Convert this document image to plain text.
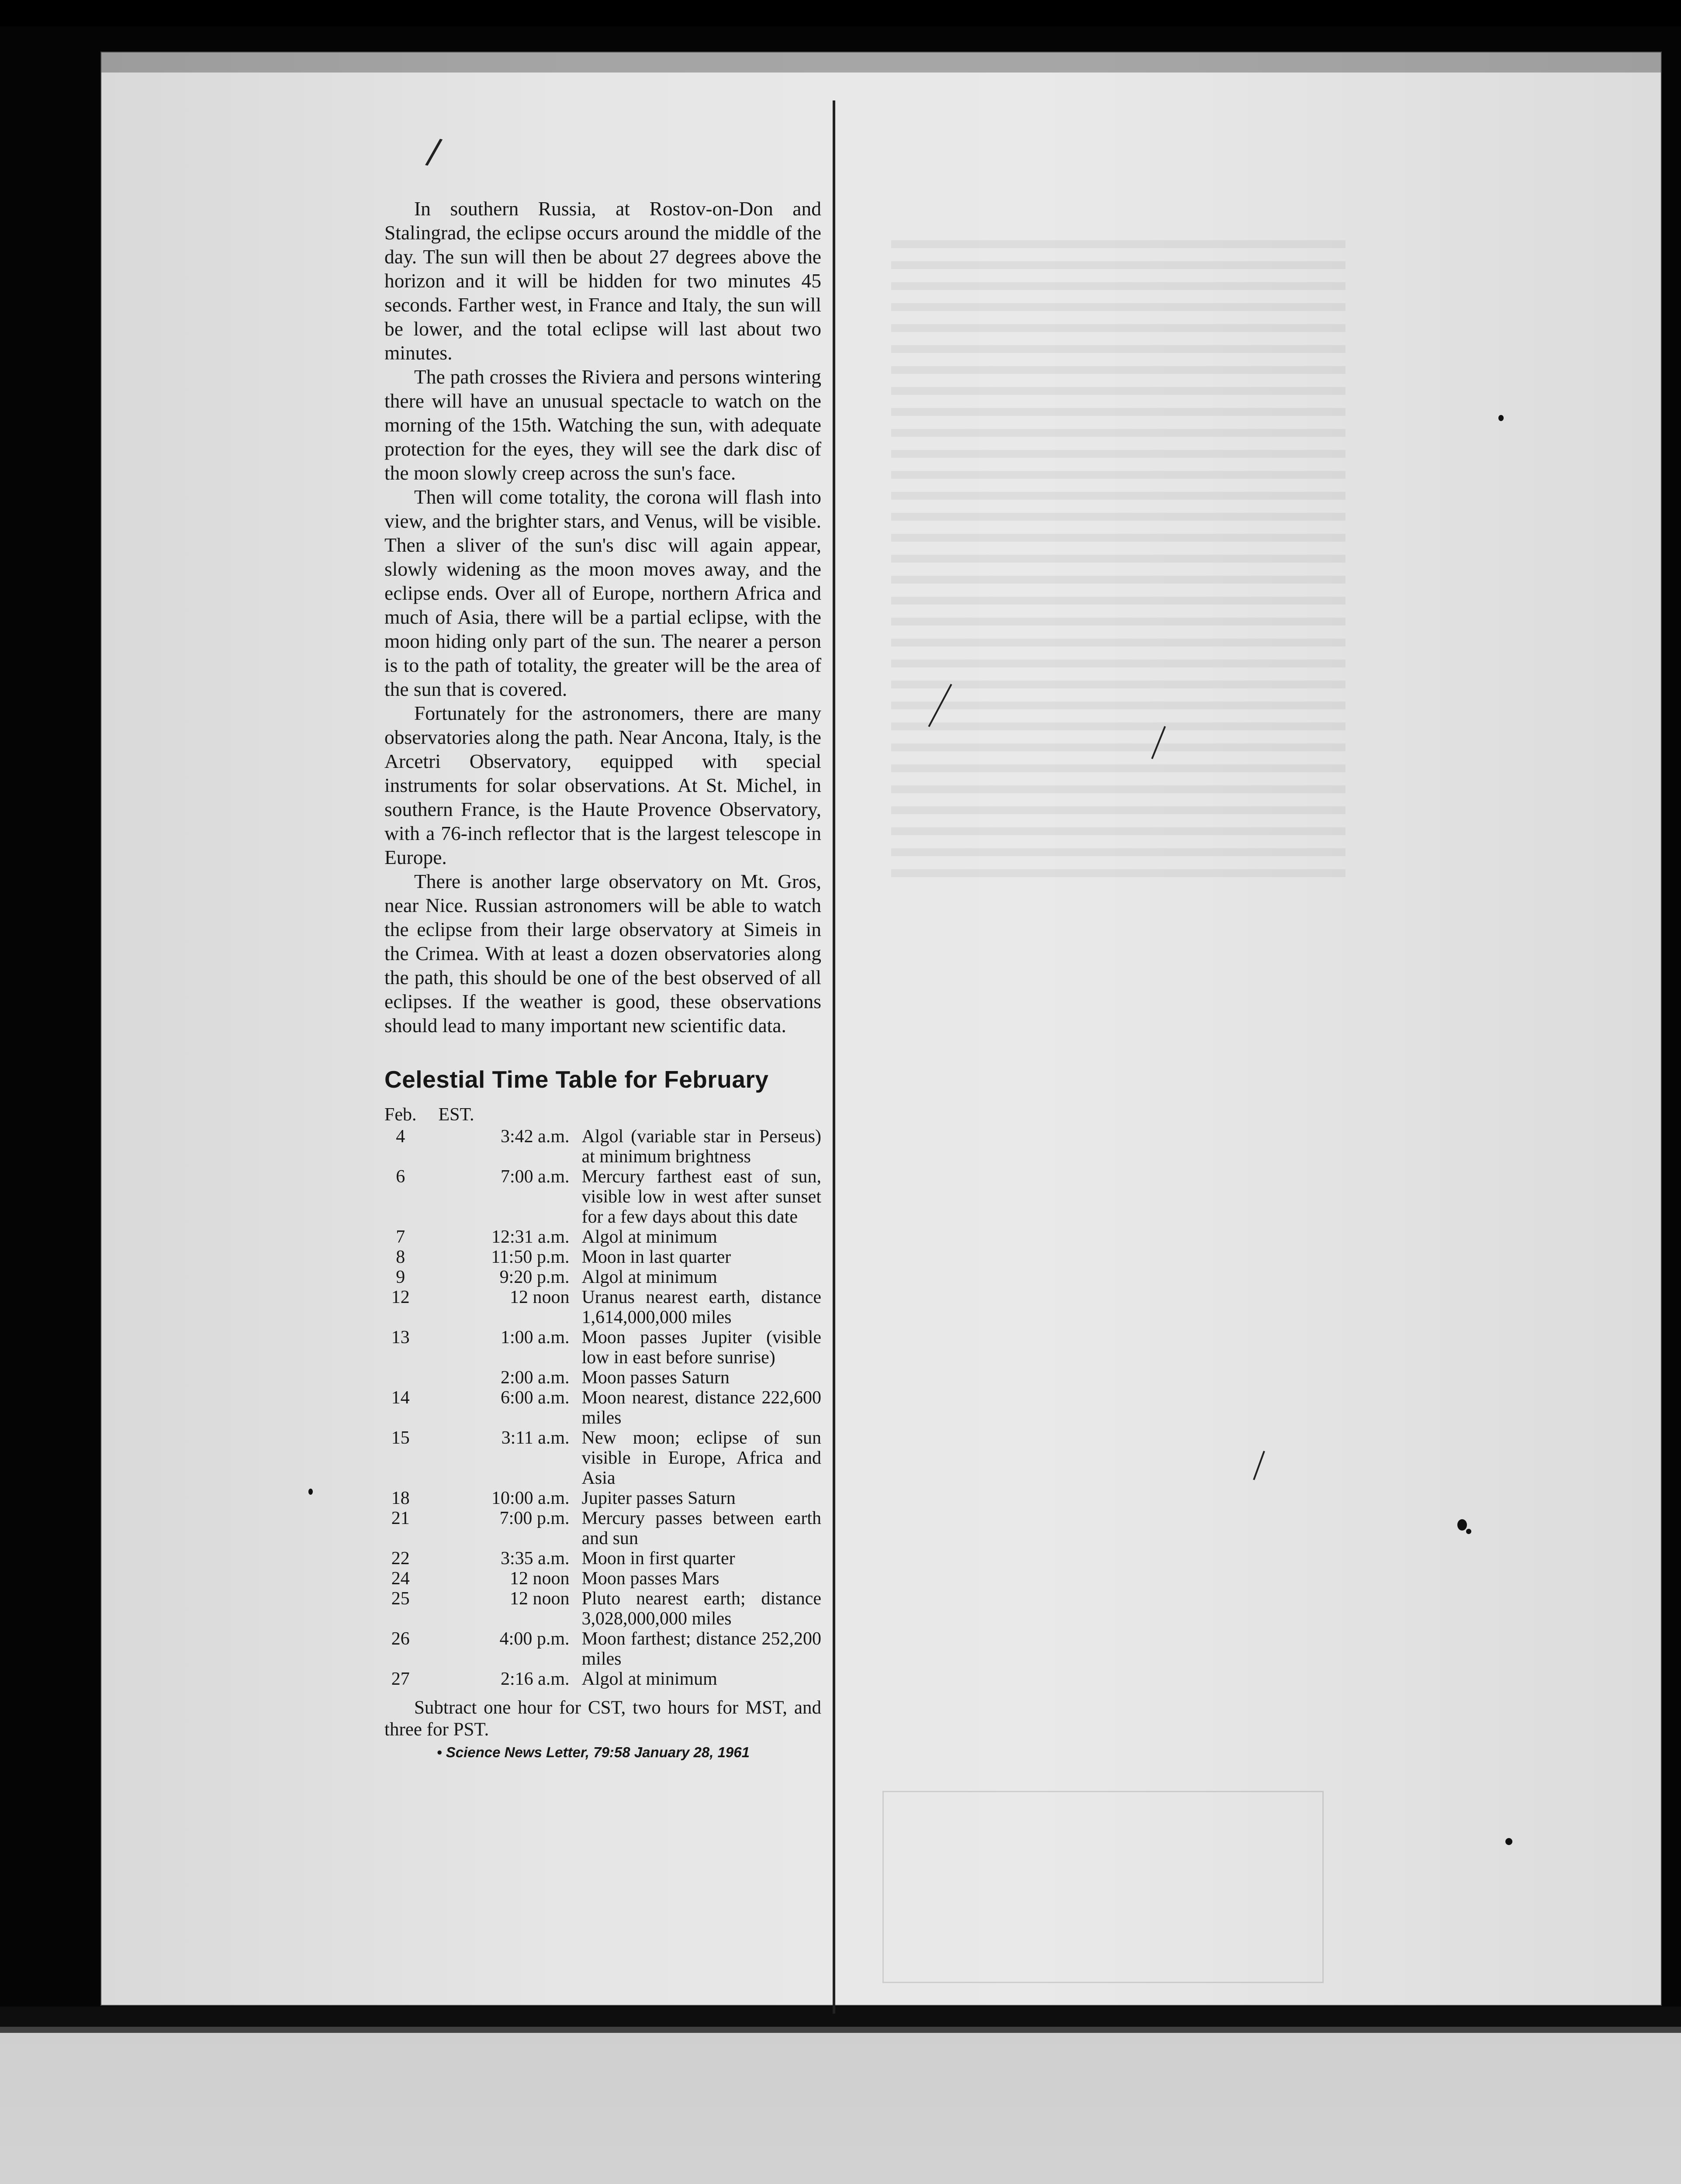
/

In southern Russia, at Rostov-on-Don and Stalingrad, the eclipse occurs around the middle of the day. The sun will then be about 27 degrees above the horizon and it will be hidden for two minutes 45 seconds. Farther west, in France and Italy, the sun will be lower, and the total eclipse will last about two minutes.

The path crosses the Riviera and persons wintering there will have an unusual spectacle to watch on the morning of the 15th. Watching the sun, with adequate protection for the eyes, they will see the dark disc of the moon slowly creep across the sun's face.

Then will come totality, the corona will flash into view, and the brighter stars, and Venus, will be visible. Then a sliver of the sun's disc will again appear, slowly widening as the moon moves away, and the eclipse ends. Over all of Europe, northern Africa and much of Asia, there will be a partial eclipse, with the moon hiding only part of the sun. The nearer a person is to the path of totality, the greater will be the area of the sun that is covered.

Fortunately for the astronomers, there are many observatories along the path. Near Ancona, Italy, is the Arcetri Observatory, equipped with special instruments for solar observations. At St. Michel, in southern France, is the Haute Provence Observatory, with a 76-inch reflector that is the largest telescope in Europe.

There is another large observatory on Mt. Gros, near Nice. Russian astronomers will be able to watch the eclipse from their large observatory at Simeis in the Crimea. With at least a dozen observatories along the path, this should be one of the best observed of all eclipses. If the weather is good, these observations should lead to many important new scientific data.

Celestial Time Table for February
Feb.	EST.	
4	3:42 a.m.	Algol (variable star in Perseus) at minimum brightness
6	7:00 a.m.	Mercury farthest east of sun, visible low in west after sunset for a few days about this date
7	12:31 a.m.	Algol at minimum
8	11:50 p.m.	Moon in last quarter
9	9:20 p.m.	Algol at minimum
12	12 noon	Uranus nearest earth, distance 1,614,000,000 miles
13	1:00 a.m.	Moon passes Jupiter (visible low in east before sunrise)
	2:00 a.m.	Moon passes Saturn
14	6:00 a.m.	Moon nearest, distance 222,600 miles
15	3:11 a.m.	New moon; eclipse of sun visible in Europe, Africa and Asia
18	10:00 a.m.	Jupiter passes Saturn
21	7:00 p.m.	Mercury passes between earth and sun
22	3:35 a.m.	Moon in first quarter
24	12 noon	Moon passes Mars
25	12 noon	Pluto nearest earth; distance 3,028,000,000 miles
26	4:00 p.m.	Moon farthest; distance 252,200 miles
27	2:16 a.m.	Algol at minimum

Subtract one hour for CST, two hours for MST, and three for PST.

• Science News Letter, 79:58 January 28, 1961
